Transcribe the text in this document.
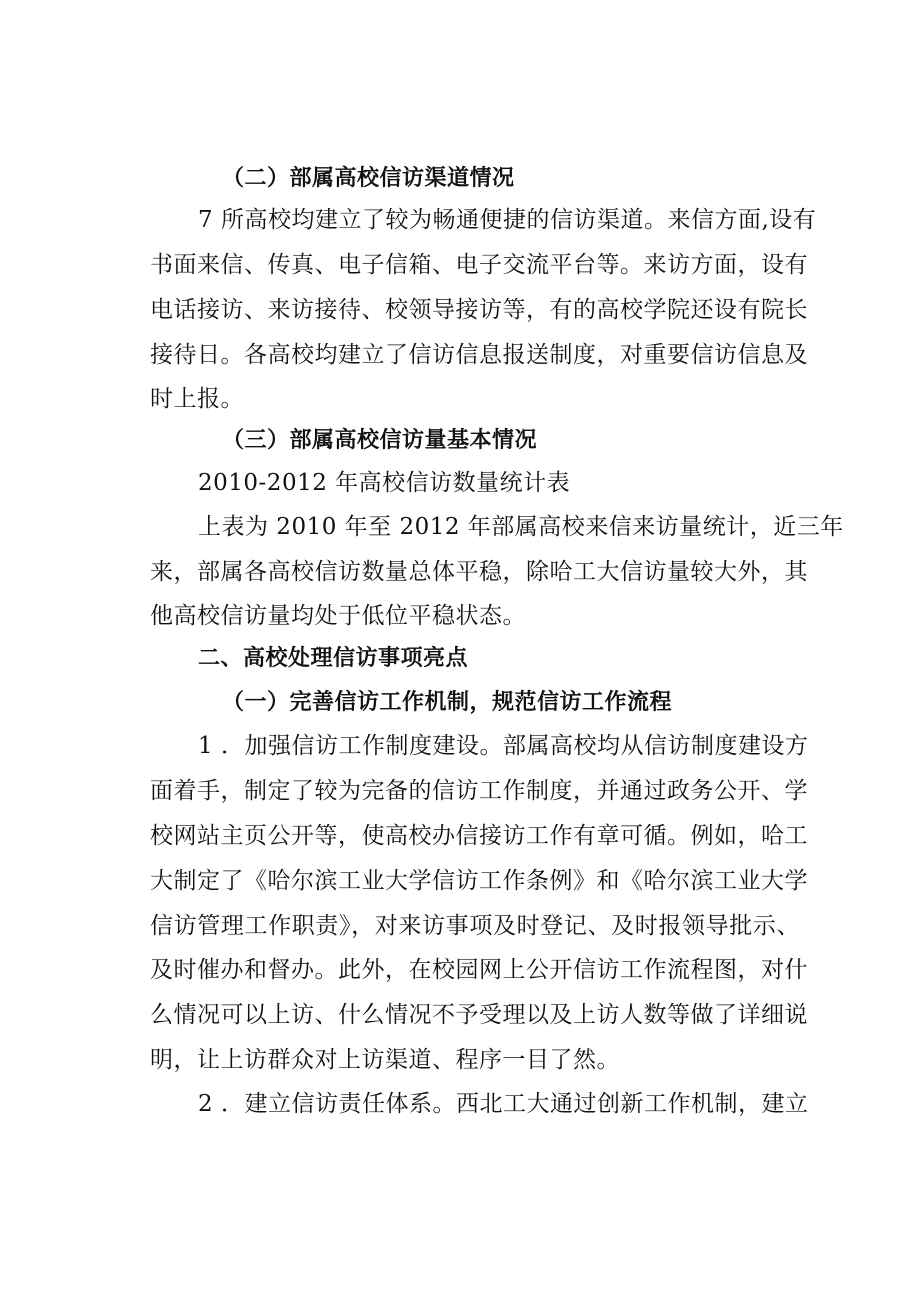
（二）部属高校信访渠道情况
7 所高校均建立了较为畅通便捷的信访渠道。来信方面,设有
书面来信、传真、电子信箱、电子交流平台等。来访方面，设有
电话接访、来访接待、校领导接访等，有的高校学院还设有院长
接待日。各高校均建立了信访信息报送制度，对重要信访信息及
时上报。
（三）部属高校信访量基本情况
2010-2012 年高校信访数量统计表
上表为 2010 年至 2012 年部属高校来信来访量统计，近三年
来，部属各高校信访数量总体平稳，除哈工大信访量较大外，其
他高校信访量均处于低位平稳状态。
二、高校处理信访事项亮点
（一）完善信访工作机制，规范信访工作流程
1 ．加强信访工作制度建设。部属高校均从信访制度建设方
面着手，制定了较为完备的信访工作制度，并通过政务公开、学
校网站主页公开等，使高校办信接访工作有章可循。例如，哈工
大制定了《哈尔滨工业大学信访工作条例》和《哈尔滨工业大学
信访管理工作职责》，对来访事项及时登记、及时报领导批示、
及时催办和督办。此外，在校园网上公开信访工作流程图，对什
么情况可以上访、什么情况不予受理以及上访人数等做了详细说
明，让上访群众对上访渠道、程序一目了然。
2 ．建立信访责任体系。西北工大通过创新工作机制，建立
